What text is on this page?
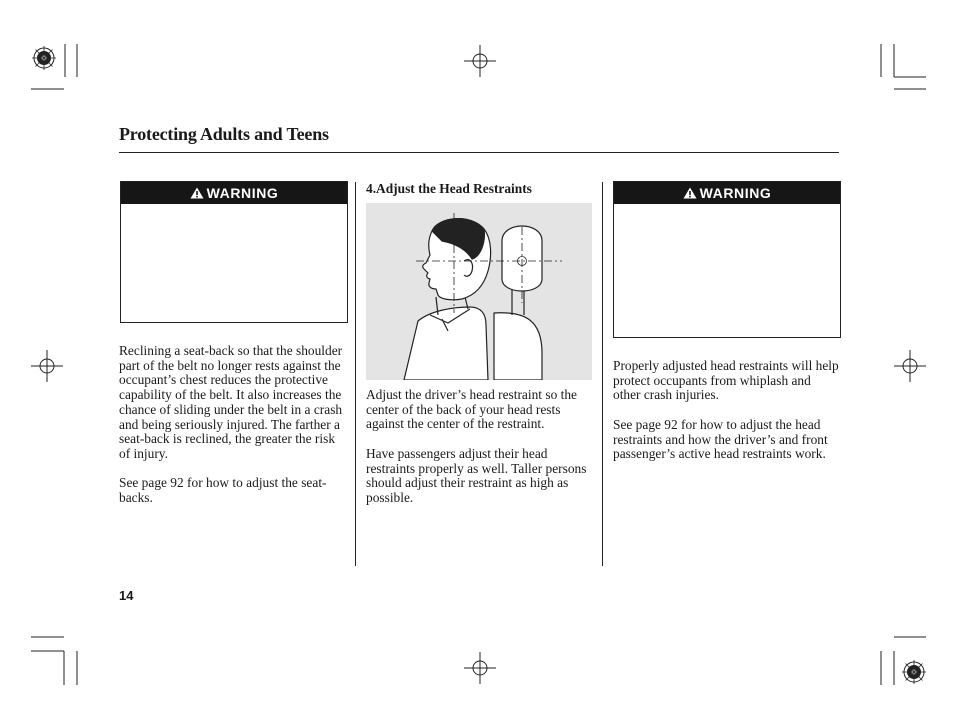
Protecting Adults and Teens
WARNING

Reclining a seat-back so that the shoulder part of the belt no longer rests against the occupant’s chest reduces the protective capability of the belt. It also increases the chance of sliding under the belt in a crash and being seriously injured. The farther a seat-back is reclined, the greater the risk of injury.

See page 92 for how to adjust the seat-backs.

4.Adjust the Head Restraints

Adjust the driver’s head restraint so the center of the back of your head rests against the center of the restraint.

Have passengers adjust their head restraints properly as well. Taller persons should adjust their restraint as high as possible.

WARNING

Properly adjusted head restraints will help protect occupants from whiplash and other crash injuries.

See page 92 for how to adjust the head restraints and how the driver’s and front passenger’s active head restraints work.

14
